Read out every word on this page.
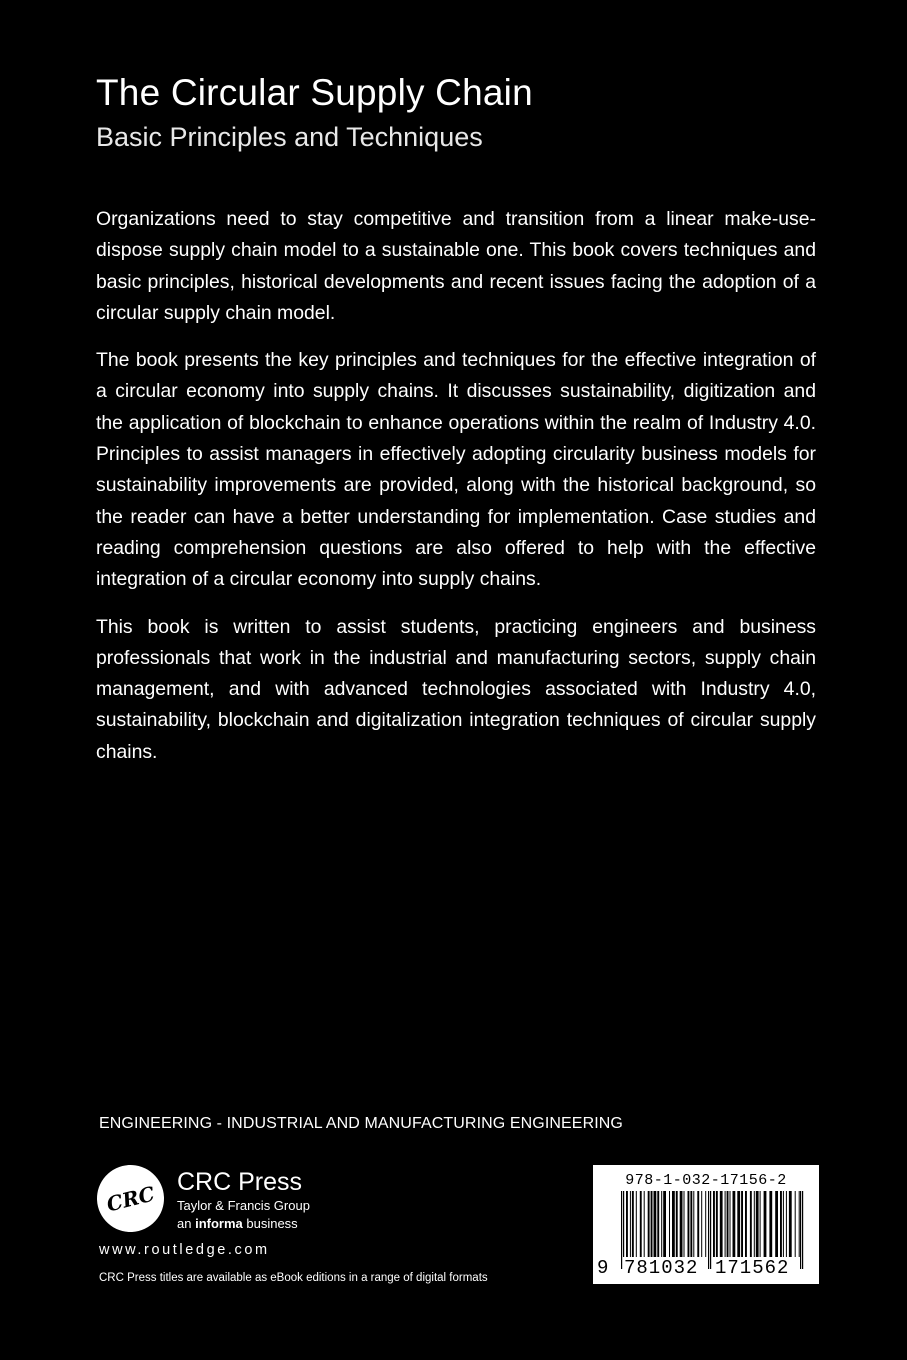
The Circular Supply Chain
Basic Principles and Techniques

Organizations need to stay competitive and transition from a linear make-use-dispose supply chain model to a sustainable one. This book covers techniques and basic principles, historical developments and recent issues facing the adoption of a circular supply chain model.

The book presents the key principles and techniques for the effective integration of a circular economy into supply chains. It discusses sustainability, digitization and the application of blockchain to enhance operations within the realm of Industry 4.0. Principles to assist managers in effectively adopting circularity business models for sustainability improvements are provided, along with the historical background, so the reader can have a better understanding for implementation. Case studies and reading comprehension questions are also offered to help with the effective integration of a circular economy into supply chains.

This book is written to assist students, practicing engineers and business professionals that work in the industrial and manufacturing sectors, supply chain management, and with advanced technologies associated with Industry 4.0, sustainability, blockchain and digitalization integration techniques of circular supply chains.

ENGINEERING - INDUSTRIAL AND MANUFACTURING ENGINEERING
CRC CRC Press
Taylor & Francis Group
an informa business
www.routledge.com
CRC Press titles are available as eBook editions in a range of digital formats
978-1-032-17156-2
9 781032 171562
